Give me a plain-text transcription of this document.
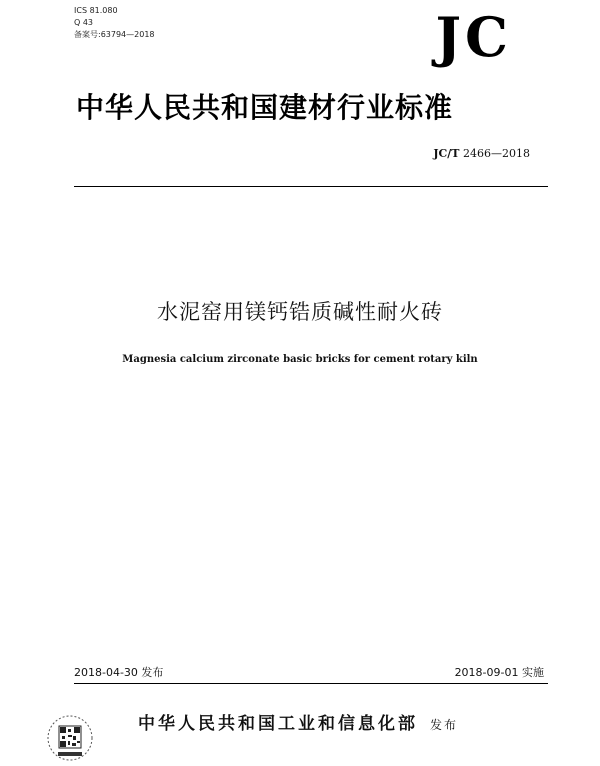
ICS 81.080
Q 43
备案号:63794—2018	JC
中华人民共和国建材行业标准
JC/T 2466—2018
水泥窑用镁钙锆质碱性耐火砖
Magnesia calcium zirconate basic bricks for cement rotary kiln
2018-04-30 发布	2018-09-01 实施
中华人民共和国工业和信息化部 发布
